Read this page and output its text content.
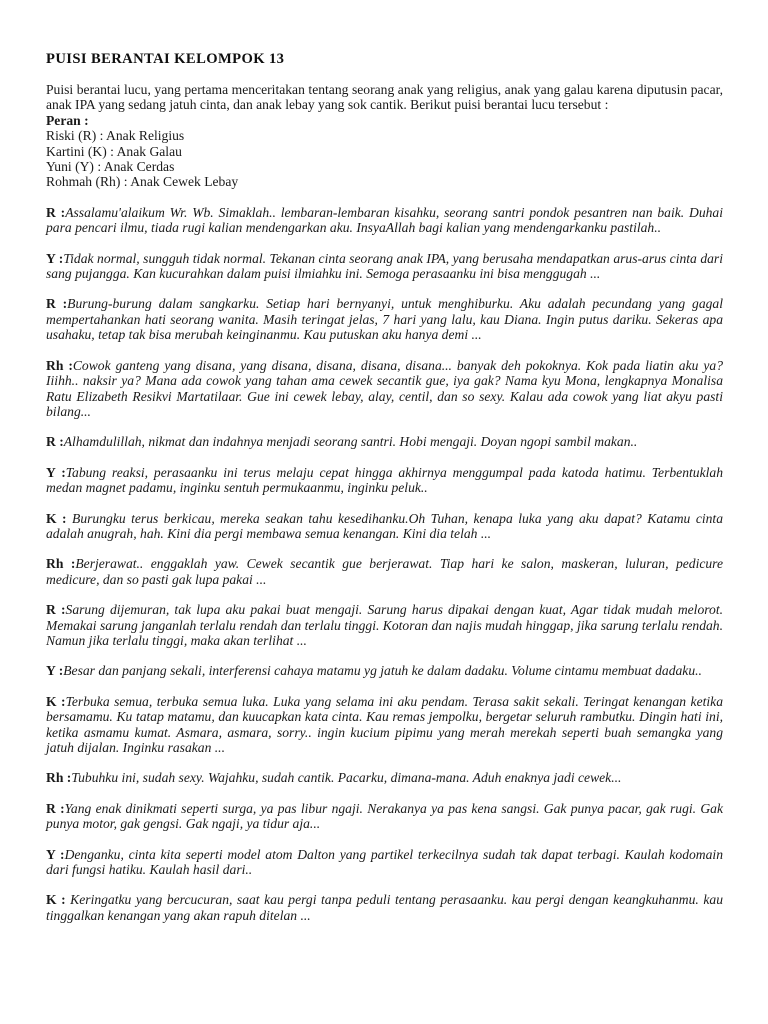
PUISI BERANTAI KELOMPOK 13

Puisi berantai lucu, yang pertama menceritakan tentang seorang anak yang religius, anak yang galau karena diputusin pacar, anak IPA yang sedang jatuh cinta, dan anak lebay yang sok cantik. Berikut puisi berantai lucu tersebut :

Peran :
Riski (R) : Anak Religius
Kartini (K) : Anak Galau
Yuni (Y) : Anak Cerdas
Rohmah (Rh) : Anak Cewek Lebay

R :Assalamu'alaikum Wr. Wb. Simaklah.. lembaran-lembaran kisahku, seorang santri pondok pesantren nan baik. Duhai para pencari ilmu, tiada rugi kalian mendengarkan aku. InsyaAllah bagi kalian yang mendengarkanku pastilah..

Y :Tidak normal, sungguh tidak normal. Tekanan cinta seorang anak IPA, yang berusaha mendapatkan arus-arus cinta dari sang pujangga. Kan kucurahkan dalam puisi ilmiahku ini. Semoga perasaanku ini bisa menggugah ...

R :Burung-burung dalam sangkarku. Setiap hari bernyanyi, untuk menghiburku. Aku adalah pecundang yang gagal mempertahankan hati seorang wanita. Masih teringat jelas, 7 hari yang lalu, kau Diana. Ingin putus dariku. Sekeras apa usahaku, tetap tak bisa merubah keinginanmu. Kau putuskan aku hanya demi ...

Rh :Cowok ganteng yang disana, yang disana, disana, disana, disana... banyak deh pokoknya. Kok pada liatin aku ya? Iiihh.. naksir ya? Mana ada cowok yang tahan ama cewek secantik gue, iya gak? Nama kyu Mona, lengkapnya Monalisa Ratu Elizabeth Resikvi Martatilaar. Gue ini cewek lebay, alay, centil, dan so sexy. Kalau ada cowok yang liat akyu pasti bilang...

R :Alhamdulillah, nikmat dan indahnya menjadi seorang santri. Hobi mengaji. Doyan ngopi sambil makan..

Y :Tabung reaksi, perasaanku ini terus melaju cepat hingga akhirnya menggumpal pada katoda hatimu. Terbentuklah medan magnet padamu, inginku sentuh permukaanmu, inginku peluk..

K : Burungku terus berkicau, mereka seakan tahu kesedihanku.Oh Tuhan, kenapa luka yang aku dapat? Katamu cinta adalah anugrah, hah. Kini dia pergi membawa semua kenangan. Kini dia telah ...

Rh :Berjerawat.. enggaklah yaw. Cewek secantik gue berjerawat. Tiap hari ke salon, maskeran, luluran, pedicure medicure, dan so pasti gak lupa pakai ...

R :Sarung dijemuran, tak lupa aku pakai buat mengaji. Sarung harus dipakai dengan kuat, Agar tidak mudah melorot. Memakai sarung janganlah terlalu rendah dan terlalu tinggi. Kotoran dan najis mudah hinggap, jika sarung terlalu rendah. Namun jika terlalu tinggi, maka akan terlihat ...

Y :Besar dan panjang sekali, interferensi cahaya matamu yg jatuh ke dalam dadaku. Volume cintamu membuat dadaku..

K :Terbuka semua, terbuka semua luka. Luka yang selama ini aku pendam. Terasa sakit sekali. Teringat kenangan ketika bersamamu. Ku tatap matamu, dan kuucapkan kata cinta. Kau remas jempolku, bergetar seluruh rambutku. Dingin hati ini, ketika asmamu kumat. Asmara, asmara, sorry.. ingin kucium pipimu yang merah merekah seperti buah semangka yang jatuh dijalan. Inginku rasakan ...

Rh :Tubuhku ini, sudah sexy. Wajahku, sudah cantik. Pacarku, dimana-mana. Aduh enaknya jadi cewek...

R :Yang enak dinikmati seperti surga, ya pas libur ngaji. Nerakanya ya pas kena sangsi. Gak punya pacar, gak rugi. Gak punya motor, gak gengsi. Gak ngaji, ya tidur aja...

Y :Denganku, cinta kita seperti model atom Dalton yang partikel terkecilnya sudah tak dapat terbagi. Kaulah kodomain dari fungsi hatiku. Kaulah hasil dari..

K : Keringatku yang bercucuran, saat kau pergi tanpa peduli tentang perasaanku. kau pergi dengan keangkuhanmu. kau tinggalkan kenangan yang akan rapuh ditelan ...
